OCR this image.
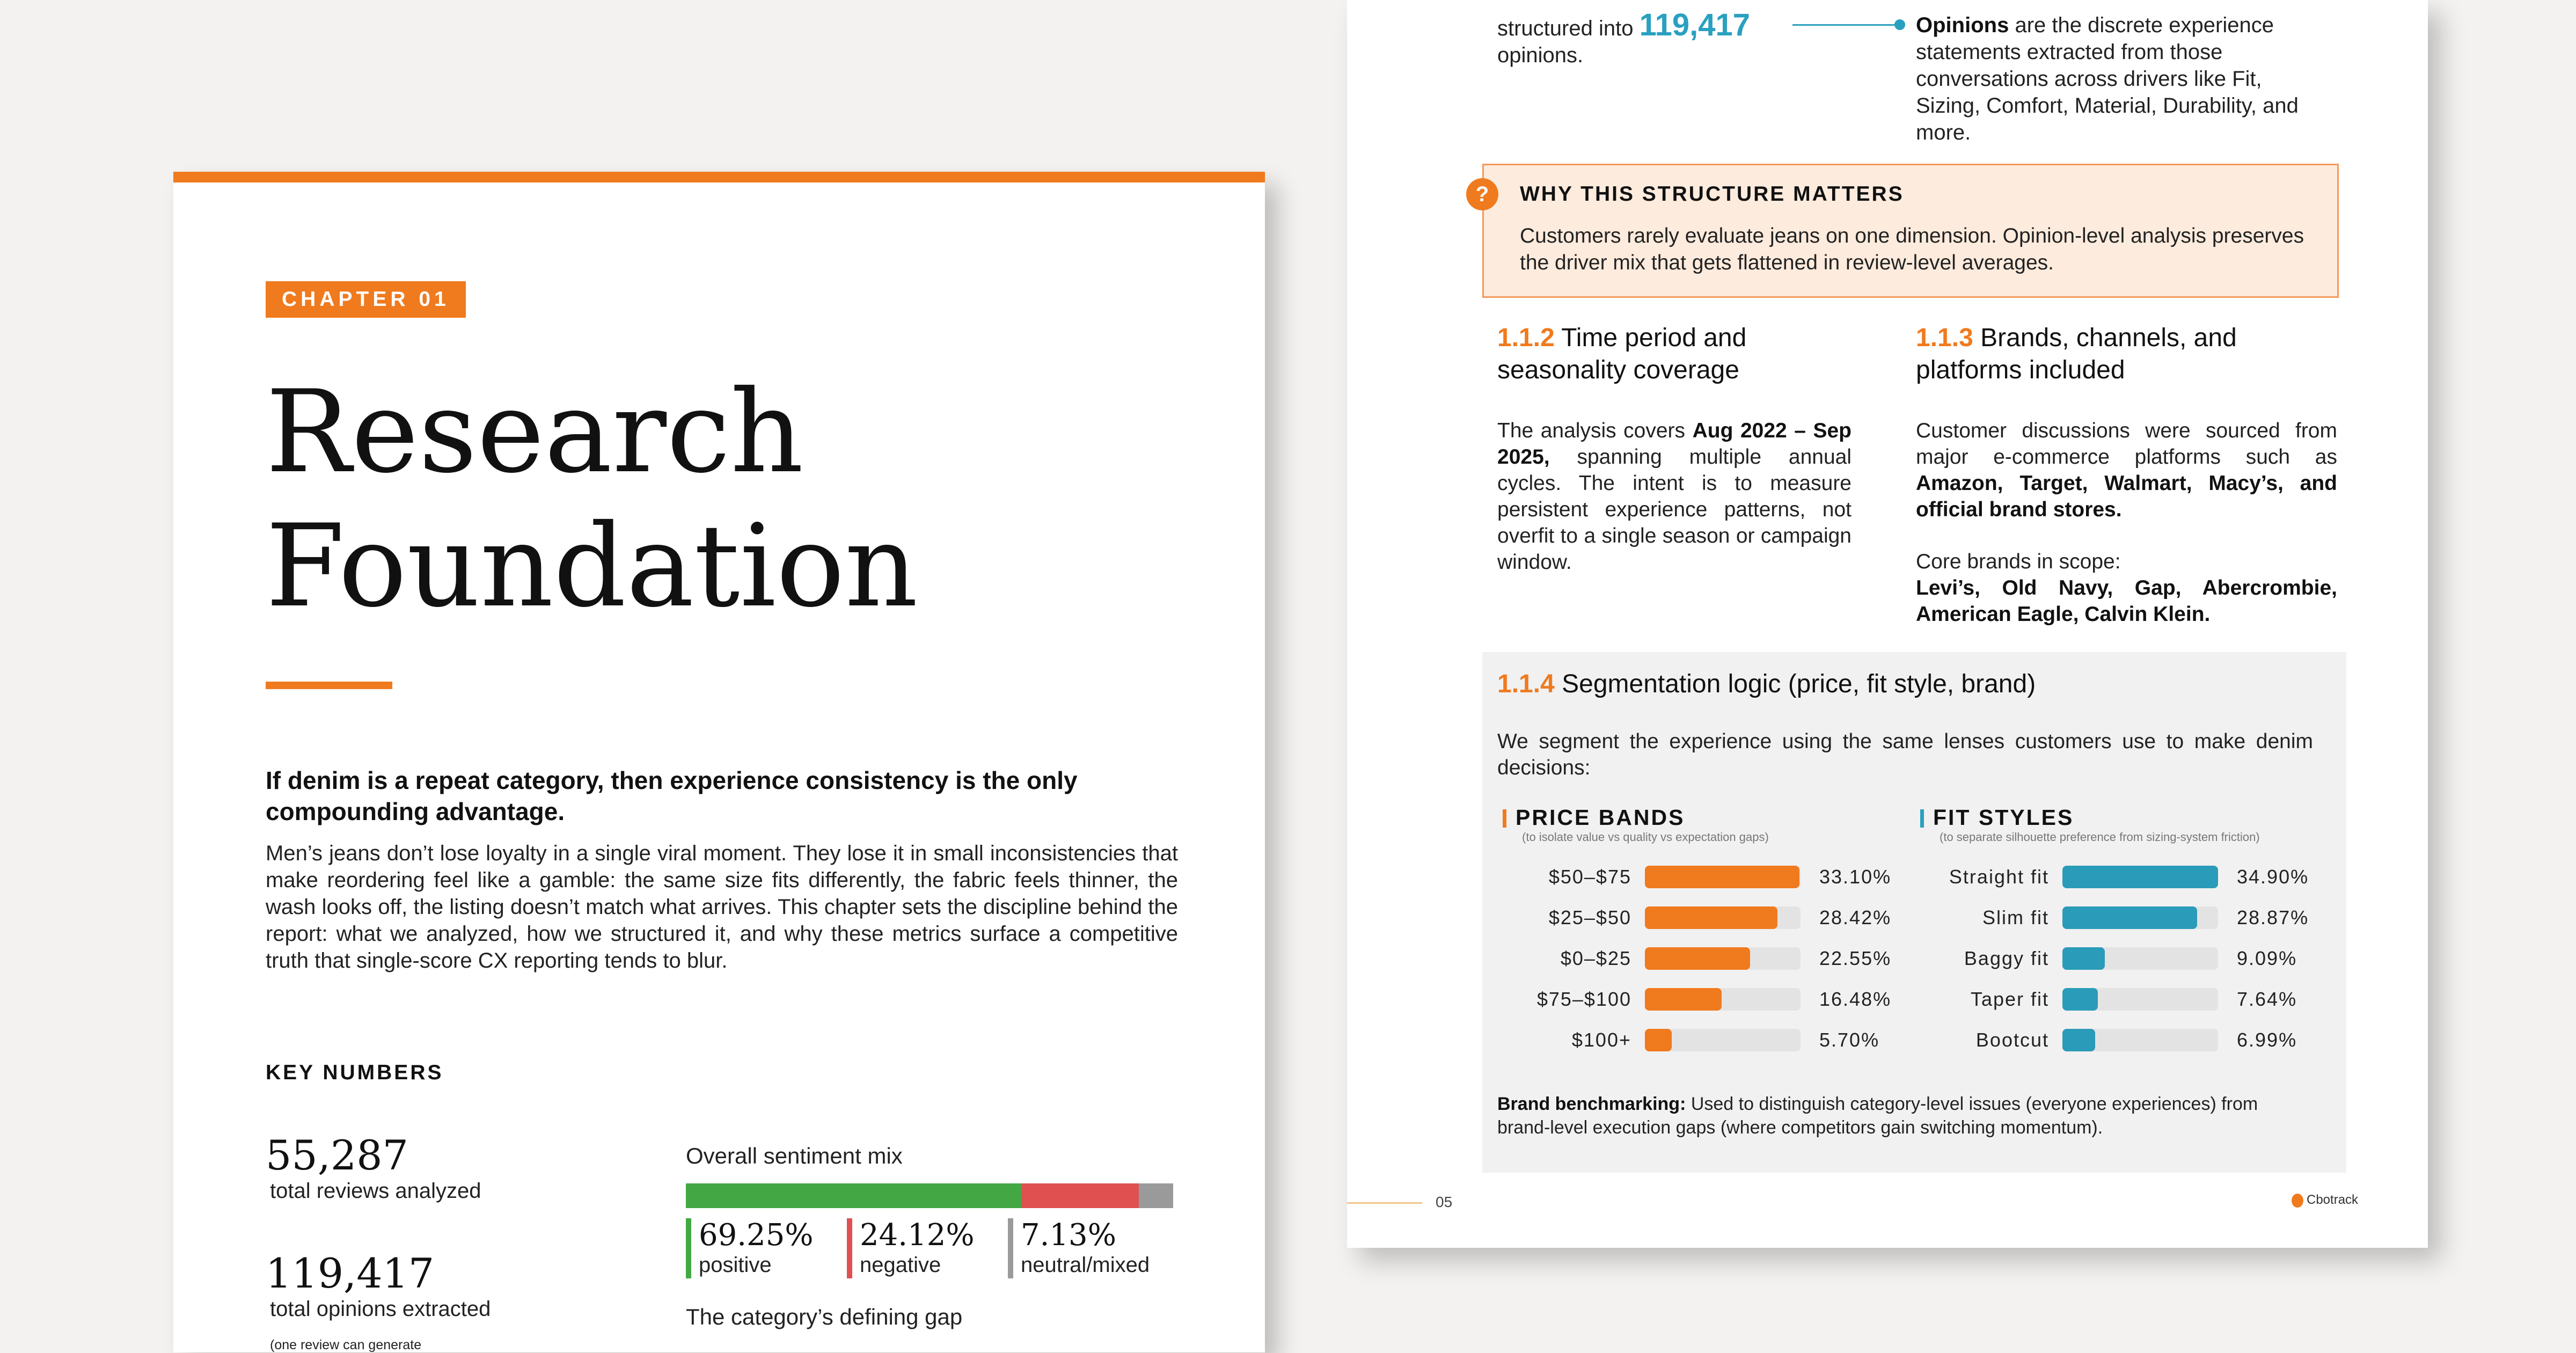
CHAPTER 01
Research
Foundation
If denim is a repeat category, then experience consistency is the only compounding advantage.
Men’s jeans don’t lose loyalty in a single viral moment. They lose it in small inconsistencies that make reordering feel like a gamble: the same size fits differently, the fabric feels thinner, the wash looks off, the listing doesn’t match what arrives. This chapter sets the discipline behind the report: what we analyzed, how we structured it, and why these metrics surface a competitive truth that single-score CX reporting tends to blur.
KEY NUMBERS
55,287
total reviews analyzed
119,417
total opinions extracted
(one review can generate
Overall sentiment mix
69.25%
positive
24.12%
negative
7.13%
neutral/mixed
The category’s defining gap
structured into 119,417
opinions.
Opinions are the discrete experience statements extracted from those conversations across drivers like Fit, Sizing, Comfort, Material, Durability, and more.
?	WHY THIS STRUCTURE MATTERS
Customers rarely evaluate jeans on one dimension. Opinion-level analysis preserves the driver mix that gets flattened in review-level averages.
1.1.2 Time period and seasonality coverage
The analysis covers Aug 2022 – Sep 2025, spanning multiple annual cycles. The intent is to measure persistent experience patterns, not overfit to a single season or campaign window.
1.1.3 Brands, channels, and platforms included
Customer discussions were sourced from major e-commerce platforms such as Amazon, Target, Walmart, Macy’s, and official brand stores.
Core brands in scope:
Levi’s, Old Navy, Gap, Abercrombie, American Eagle, Calvin Klein.
1.1.4 Segmentation logic (price, fit style, brand)
We segment the experience using the same lenses customers use to make denim decisions:
PRICE BANDS
(to isolate value vs quality vs expectation gaps)
$50–$75	33.10%
$25–$50	28.42%
$0–$25	22.55%
$75–$100	16.48%
$100+	5.70%
FIT STYLES
(to separate silhouette preference from sizing-system friction)
Straight fit	34.90%
Slim fit	28.87%
Baggy fit	9.09%
Taper fit	7.64%
Bootcut	6.99%
Brand benchmarking: Used to distinguish category-level issues (everyone experiences) from brand-level execution gaps (where competitors gain switching momentum).
05	Cbotrack
